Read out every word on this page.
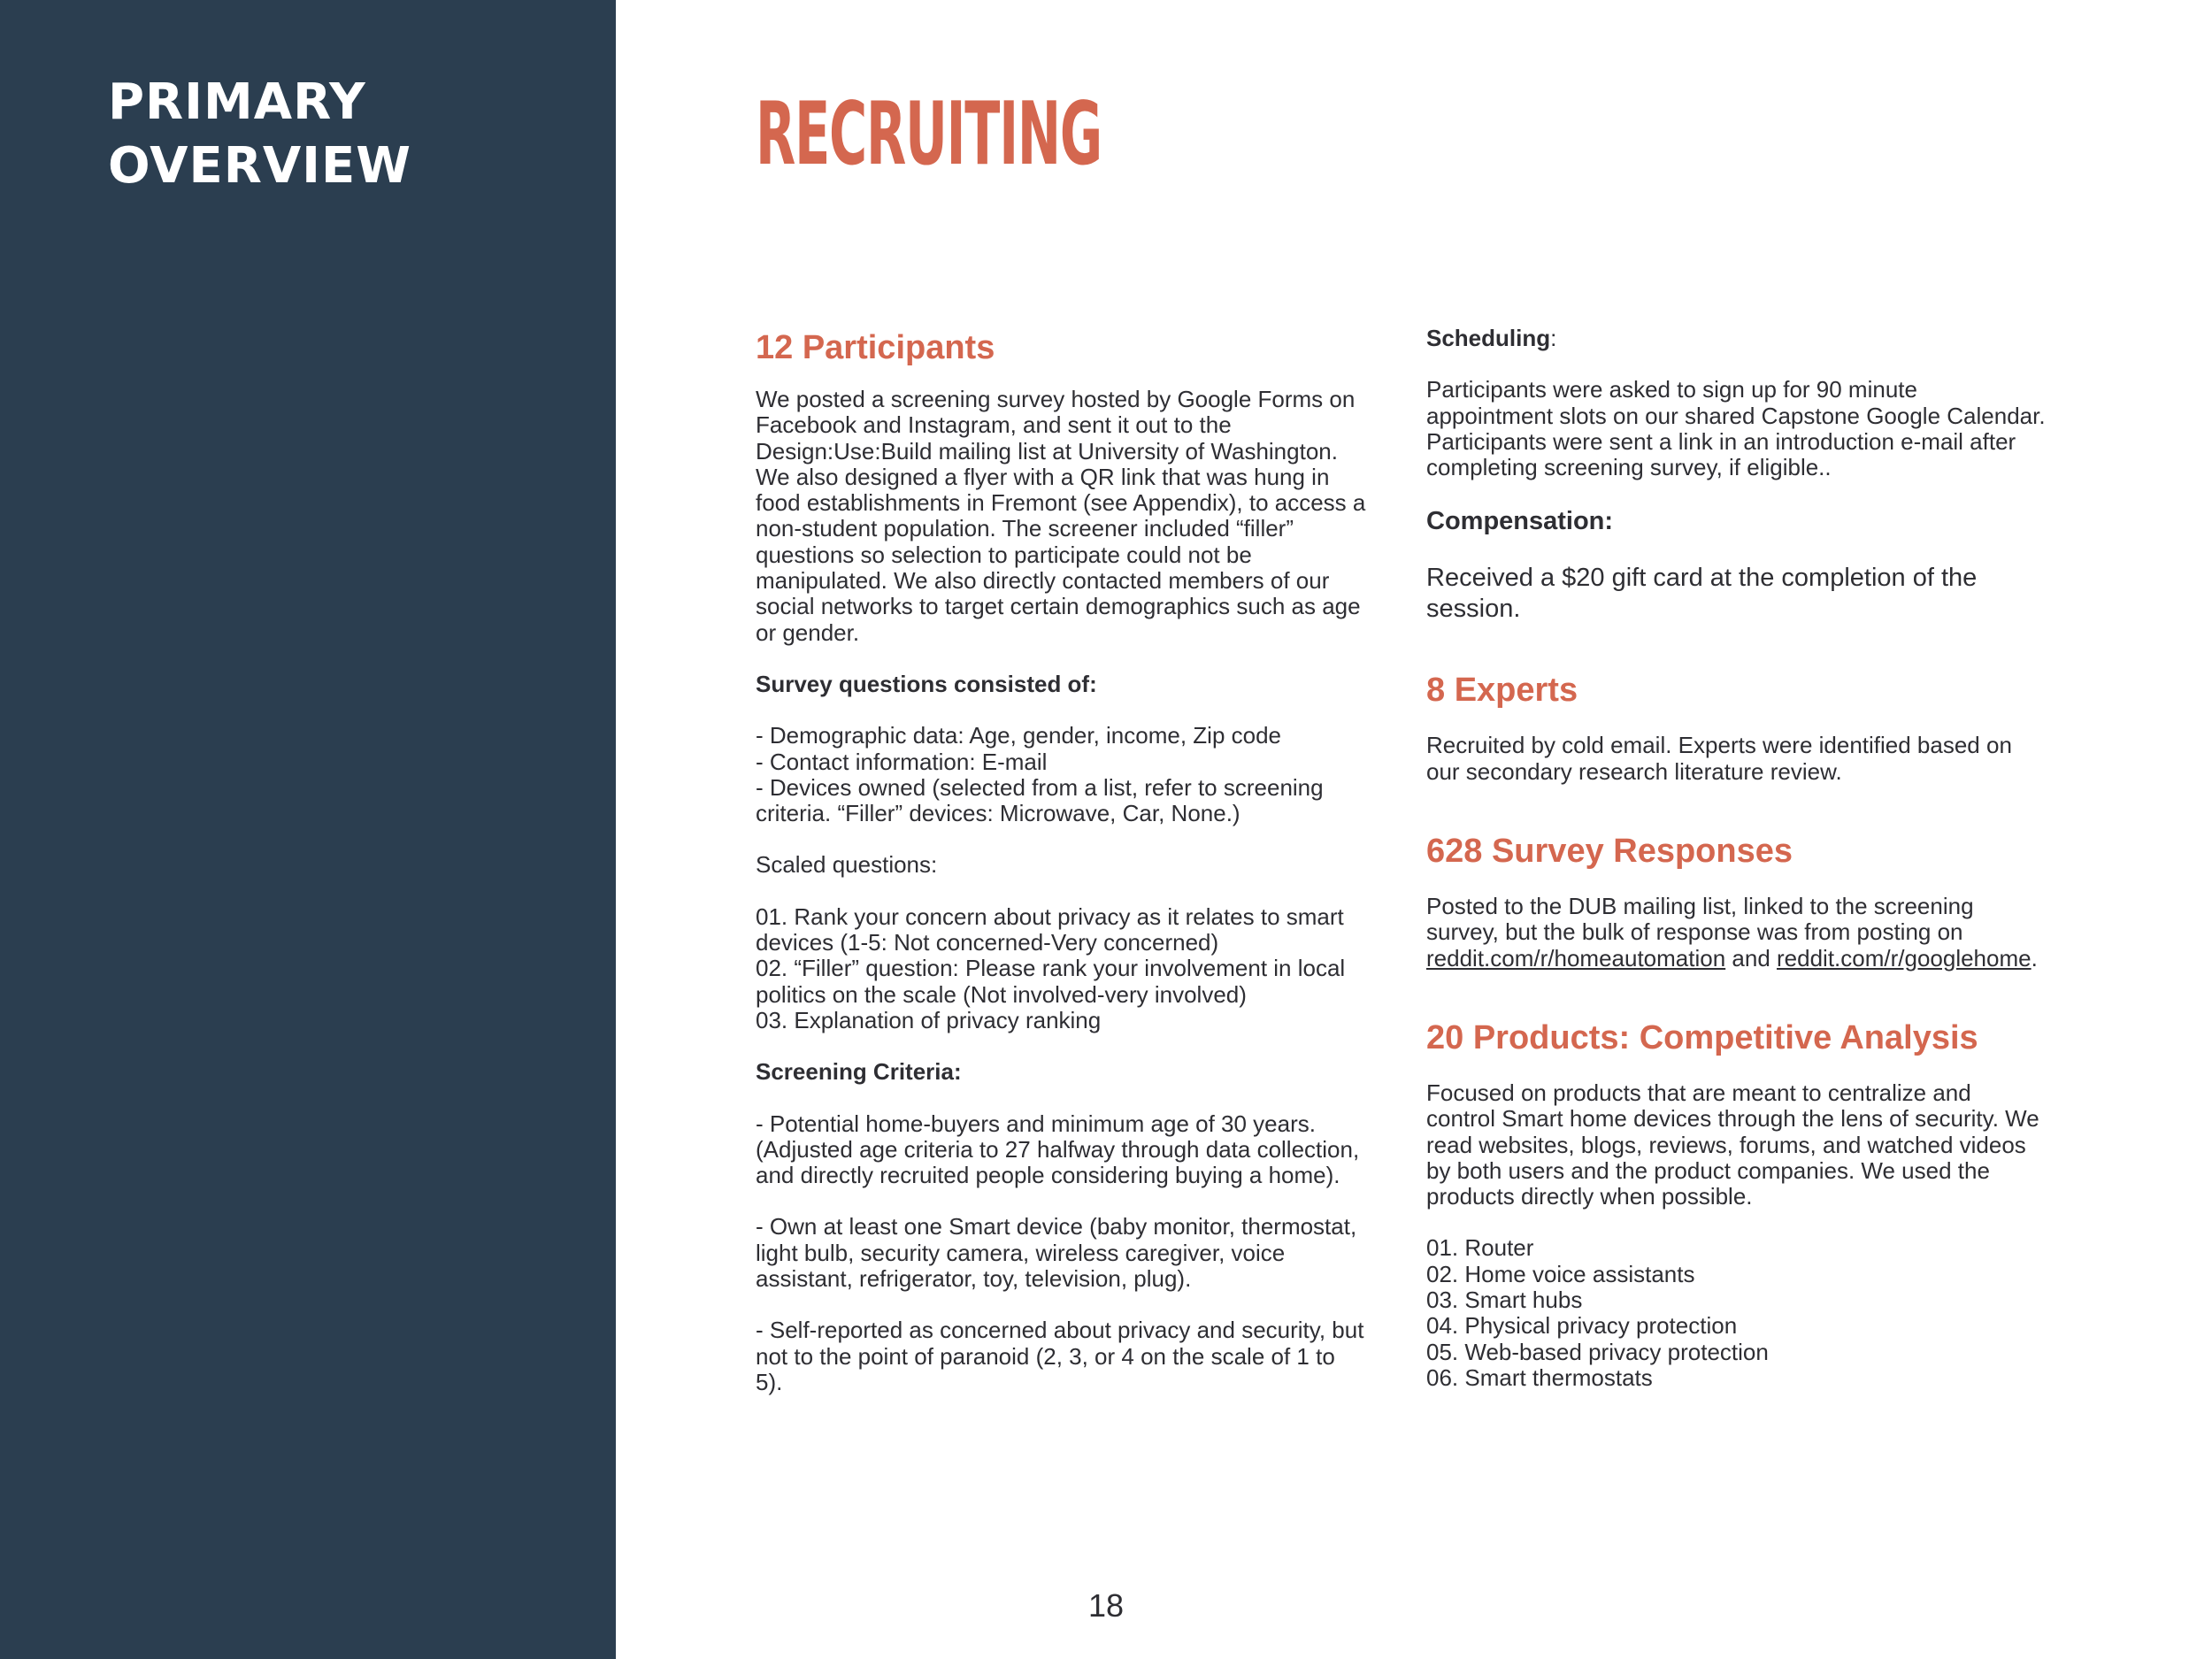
PRIMARY
OVERVIEW	RECRUITING
12 Participants

We posted a screening survey hosted by Google Forms on Facebook and Instagram, and sent it out to the Design:Use:Build mailing list at University of Washington. We also designed a flyer with a QR link that was hung in food establishments in Fremont (see Appendix), to access a non-student population. The screener included “filler” questions so selection to participate could not be manipulated. We also directly contacted members of our social networks to target certain demographics such as age or gender.

Survey questions consisted of:

- Demographic data: Age, gender, income, Zip code
- Contact information: E-mail
- Devices owned (selected from a list, refer to screening criteria. “Filler” devices: Microwave, Car, None.)

Scaled questions:

01. Rank your concern about privacy as it relates to smart devices (1-5: Not concerned-Very concerned)
02. “Filler” question: Please rank your involvement in local politics on the scale (Not involved-very involved)
03. Explanation of privacy ranking

Screening Criteria:

- Potential home-buyers and minimum age of 30 years. (Adjusted age criteria to 27 halfway through data collection, and directly recruited people considering buying a home).

- Own at least one Smart device (baby monitor, thermostat, light bulb, security camera, wireless caregiver, voice assistant, refrigerator, toy, television, plug).

- Self-reported as concerned about privacy and security, but not to the point of paranoid (2, 3, or 4 on the scale of 1 to 5).

Scheduling:

Participants were asked to sign up for 90 minute appointment slots on our shared Capstone Google Calendar. Participants were sent a link in an introduction e-mail after completing screening survey, if eligible..

Compensation:

Received a $20 gift card at the completion of the session.

8 Experts

Recruited by cold email. Experts were identified based on our secondary research literature review.

628 Survey Responses

Posted to the DUB mailing list, linked to the screening survey, but the bulk of response was from posting on reddit.com/r/homeautomation and reddit.com/r/googlehome.

20 Products: Competitive Analysis

Focused on products that are meant to centralize and control Smart home devices through the lens of security. We read websites, blogs, reviews, forums, and watched videos by both users and the product companies. We used the products directly when possible.

01. Router
02. Home voice assistants
03. Smart hubs
04. Physical privacy protection
05. Web-based privacy protection
06. Smart thermostats
18
